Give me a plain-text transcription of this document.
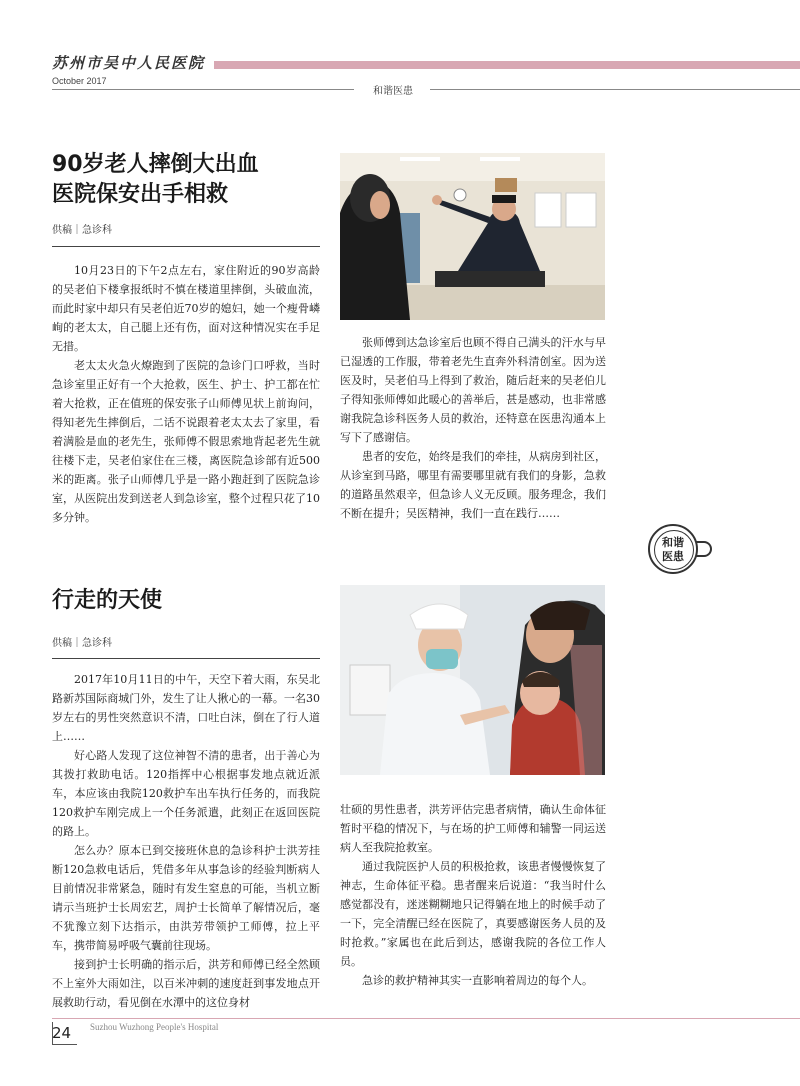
苏州市吴中人民医院
October 2017
和谐医患
90岁老人摔倒大出血
医院保安出手相救
供稿｜急诊科

10月23日的下午2点左右，家住附近的90岁高龄的吴老伯下楼拿报纸时不慎在楼道里摔倒，头破血流，而此时家中却只有吴老伯近70岁的媳妇，她一个瘦骨嶙峋的老太太，自己腿上还有伤，面对这种情况实在手足无措。

老太太火急火燎跑到了医院的急诊门口呼救，当时急诊室里正好有一个大抢救，医生、护士、护工都在忙着大抢救，正在值班的保安张子山师傅见状上前询问，得知老先生摔倒后，二话不说跟着老太太去了家里，看着满脸是血的老先生，张师傅不假思索地背起老先生就往楼下走，吴老伯家住在三楼，离医院急诊部有近500米的距离。张子山师傅几乎是一路小跑赶到了医院急诊室，从医院出发到送老人到急诊室，整个过程只花了10多分钟。

张师傅到达急诊室后也顾不得自己满头的汗水与早已湿透的工作服，带着老先生直奔外科清创室。因为送医及时，吴老伯马上得到了救治，随后赶来的吴老伯儿子得知张师傅如此暖心的善举后，甚是感动，也非常感谢我院急诊科医务人员的救治，还特意在医患沟通本上写下了感谢信。

患者的安危，始终是我们的牵挂，从病房到社区，从诊室到马路，哪里有需要哪里就有我们的身影，急救的道路虽然艰辛，但急诊人义无反顾。服务理念，我们不断在提升；吴医精神，我们一直在践行……

和谐
医患
行走的天使
供稿｜急诊科

2017年10月11日的中午，天空下着大雨，东吴北路新苏国际商城门外，发生了让人揪心的一幕。一名30岁左右的男性突然意识不清，口吐白沫，倒在了行人道上……

好心路人发现了这位神智不清的患者，出于善心为其拨打救助电话。120指挥中心根据事发地点就近派车，本应该由我院120救护车出车执行任务的，而我院120救护车刚完成上一个任务派遣，此刻正在返回医院的路上。

怎么办？原本已到交接班休息的急诊科护士洪芳挂断120急救电话后，凭借多年从事急诊的经验判断病人目前情况非常紧急，随时有发生窒息的可能，当机立断请示当班护士长周宏艺，周护士长简单了解情况后，毫不犹豫立刻下达指示，由洪芳带领护工师傅，拉上平车，携带简易呼吸气囊前往现场。

接到护士长明确的指示后，洪芳和师傅已经全然顾不上室外大雨如注，以百米冲刺的速度赶到事发地点开展救助行动，看见倒在水潭中的这位身材

壮硕的男性患者，洪芳评估完患者病情，确认生命体征暂时平稳的情况下，与在场的护工师傅和辅警一同运送病人至我院抢救室。

通过我院医护人员的积极抢救，该患者慢慢恢复了神志，生命体征平稳。患者醒来后说道：“我当时什么感觉都没有，迷迷糊糊地只记得躺在地上的时候手动了一下，完全清醒已经在医院了，真要感谢医务人员的及时抢救。”家属也在此后到达，感谢我院的各位工作人员。

急诊的救护精神其实一直影响着周边的每个人。

24 Suzhou Wuzhong People's Hospital
